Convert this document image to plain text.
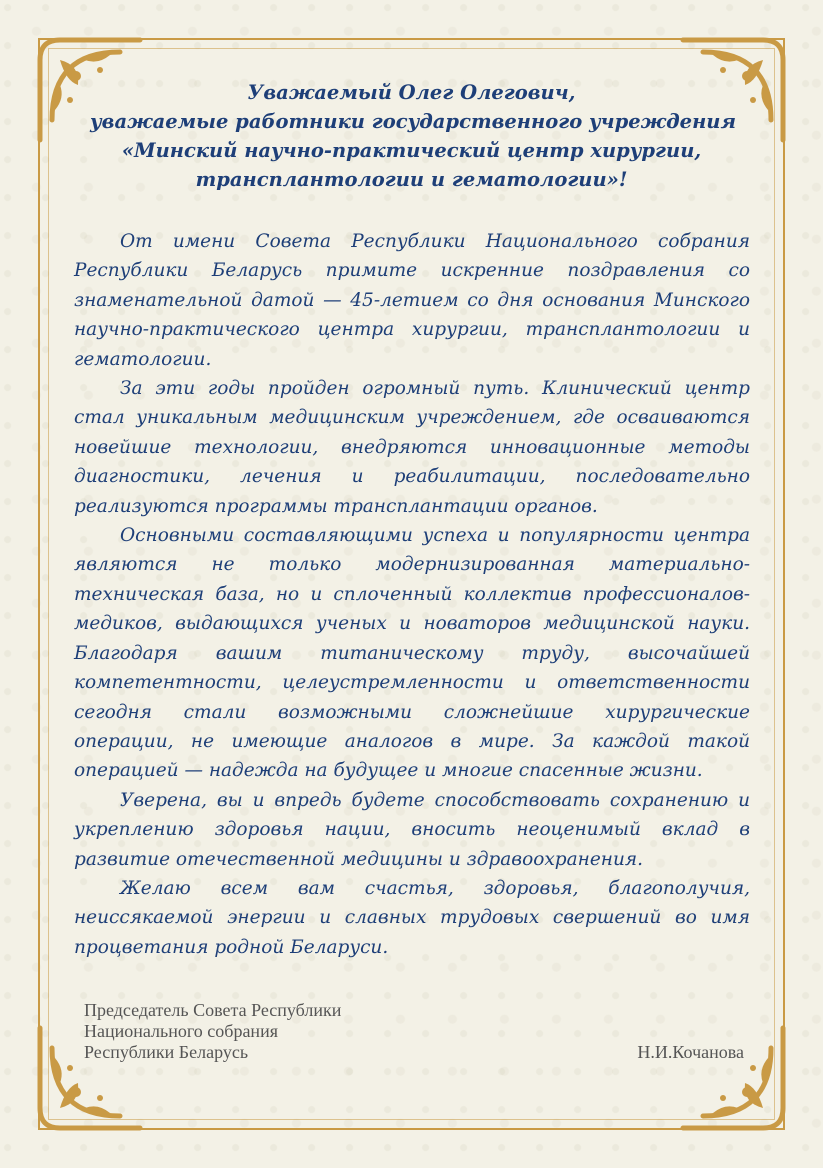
Уважаемый Олег Олегович,
уважаемые работники государственного учреждения
«Минский научно-практический центр хирургии,
трансплантологии и гематологии»!

От имени Совета Республики Национального собрания Республики Беларусь примите искренние поздравления со знаменательной датой — 45-летием со дня основания Минского научно-практического центра хирургии, трансплантологии и гематологии.

За эти годы пройден огромный путь. Клинический центр стал уникальным медицинским учреждением, где осваиваются новейшие технологии, внедряются инновационные методы диагностики, лечения и реабилитации, последовательно реализуются программы трансплантации органов.

Основными составляющими успеха и популярности центра являются не только модернизированная материально-техническая база, но и сплоченный коллектив профессионалов-медиков, выдающихся ученых и новаторов медицинской науки. Благодаря вашим титаническому труду, высочайшей компетентности, целеустремленности и ответственности сегодня стали возможными сложнейшие хирургические операции, не имеющие аналогов в мире. За каждой такой операцией — надежда на будущее и многие спасенные жизни.

Уверена, вы и впредь будете способствовать сохранению и укреплению здоровья нации, вносить неоценимый вклад в развитие отечественной медицины и здравоохранения.

Желаю всем вам счастья, здоровья, благополучия, неиссякаемой энергии и славных трудовых свершений во имя процветания родной Беларуси.

Председатель Совета Республики
Национального собрания
Республики Беларусь	Н.И.Кочанова
